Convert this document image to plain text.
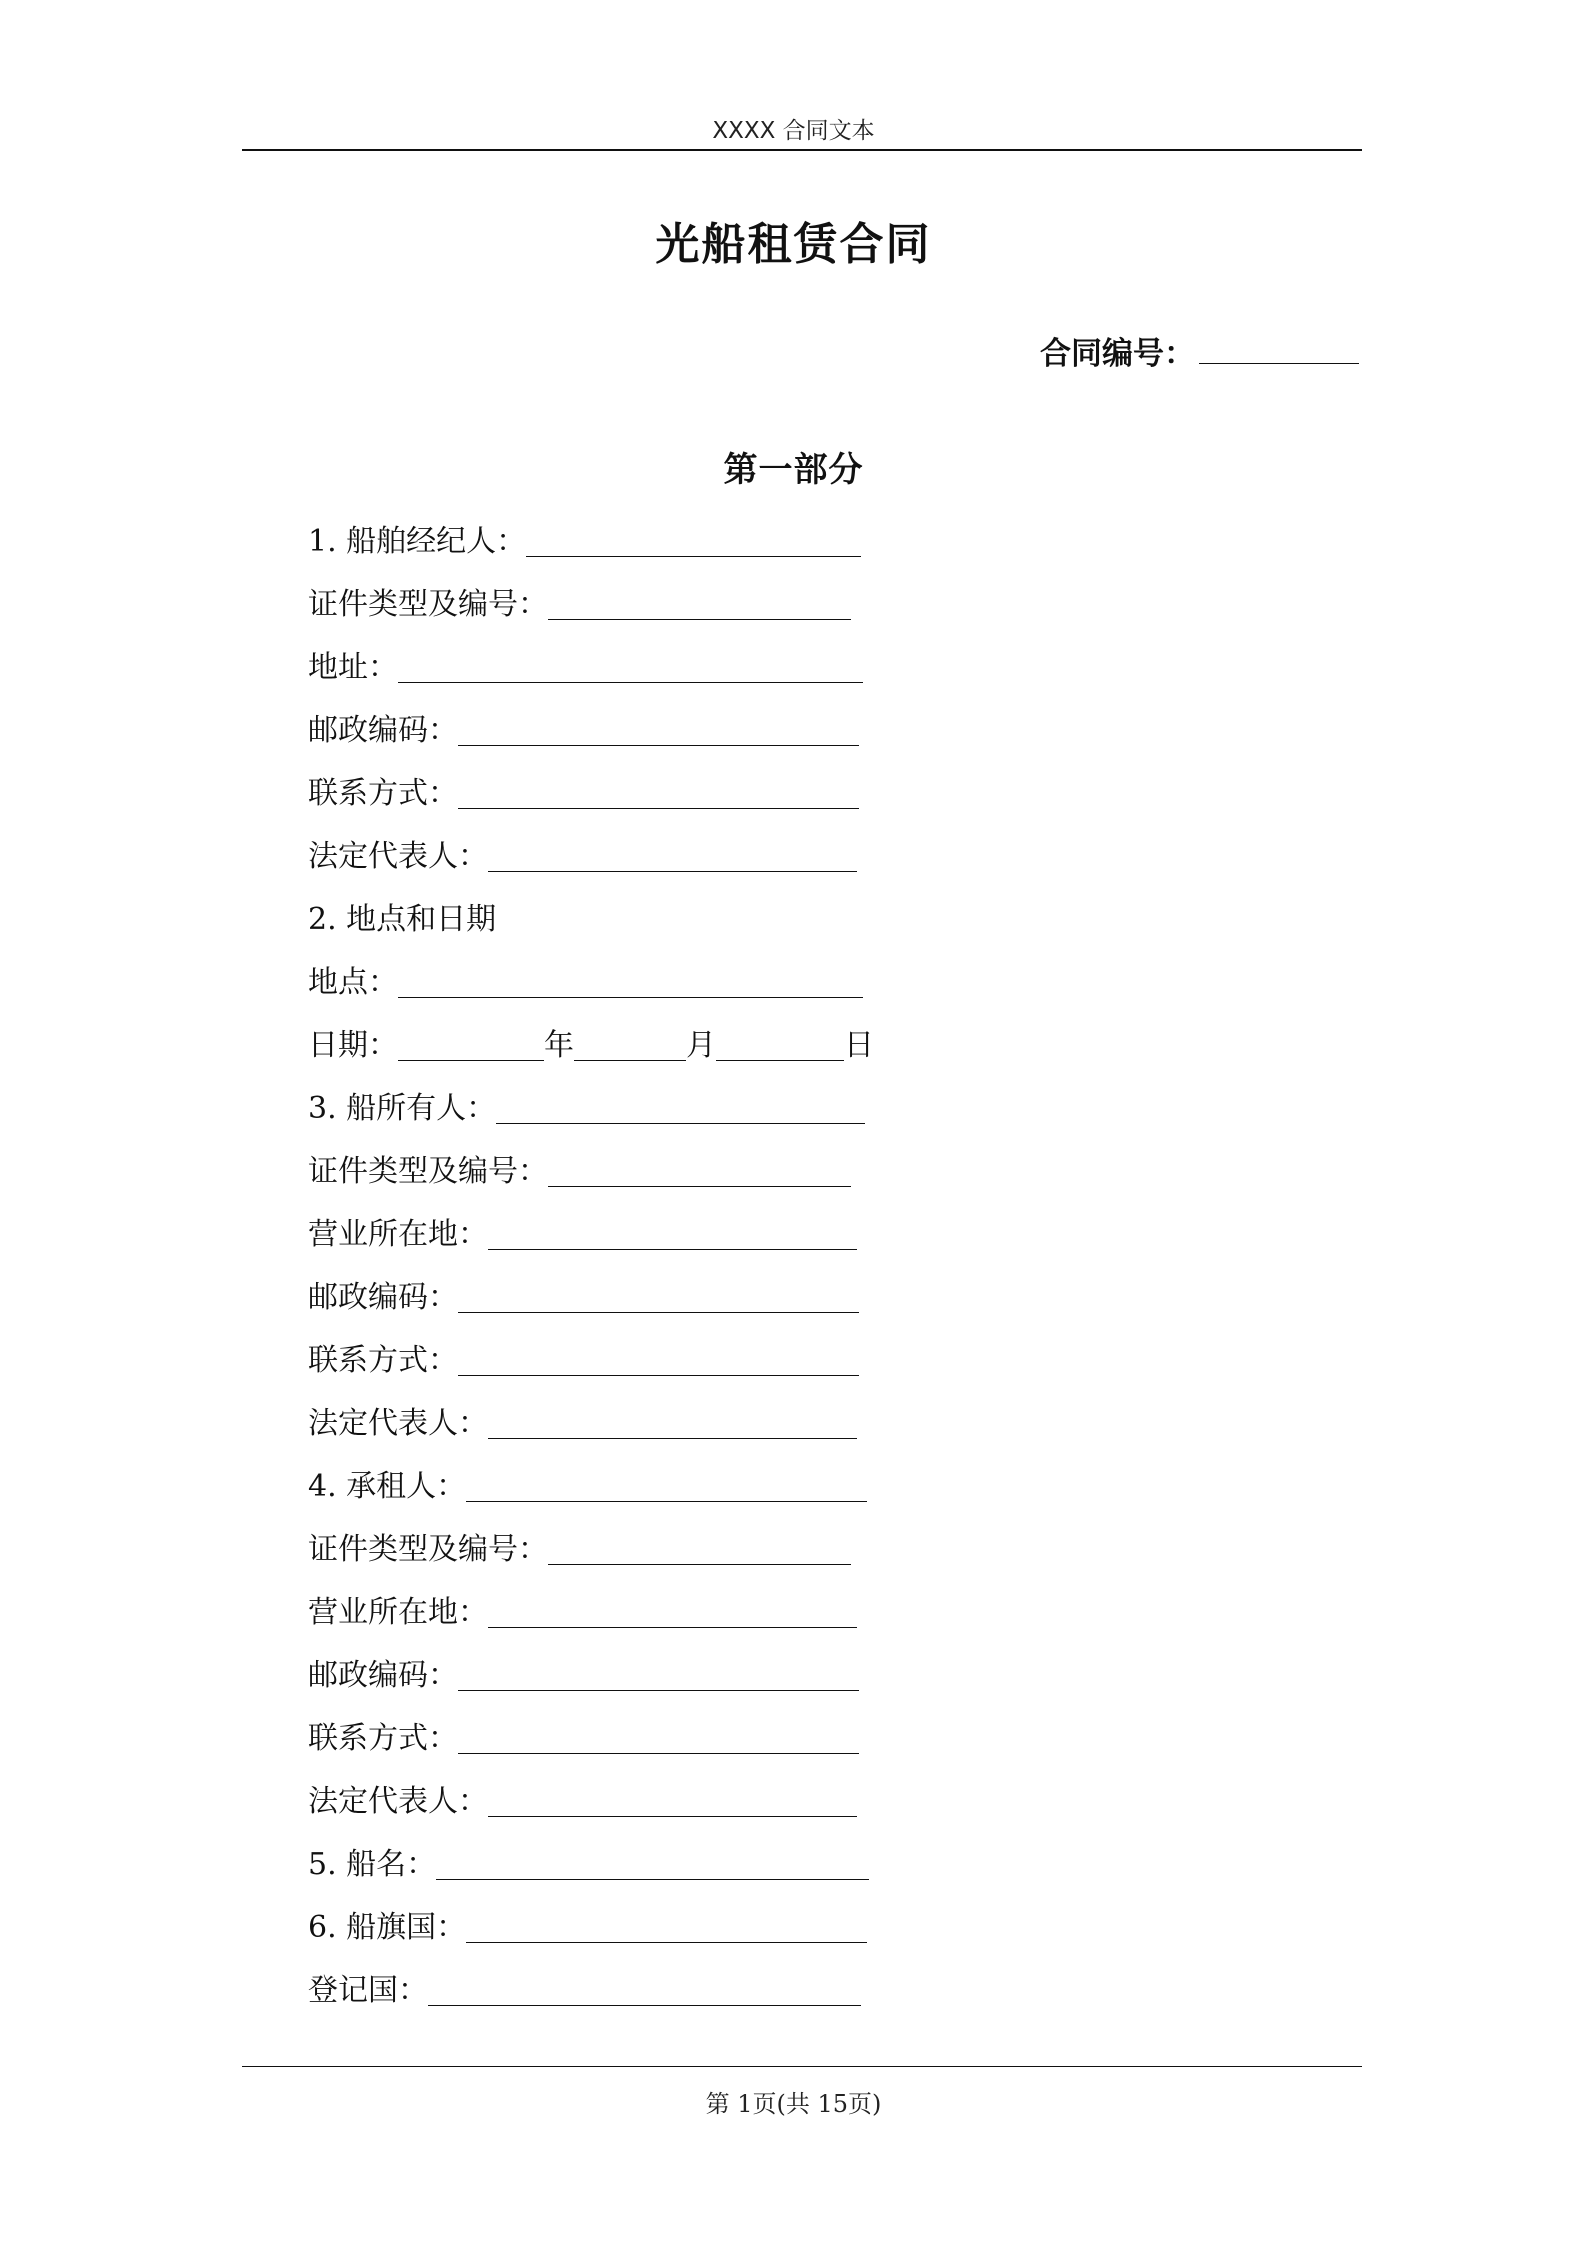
XXXX 合同文本
光船租赁合同
合同编号：
第一部分
1. 船舶经纪人：
证件类型及编号：
地址：
邮政编码：
联系方式：
法定代表人：
2. 地点和日期
地点：
日期：	年	月	日
3. 船所有人：
证件类型及编号：
营业所在地：
邮政编码：
联系方式：
法定代表人：
4. 承租人：
证件类型及编号：
营业所在地：
邮政编码：
联系方式：
法定代表人：
5. 船名：
6. 船旗国：
登记国：
第 1页(共 15页)
